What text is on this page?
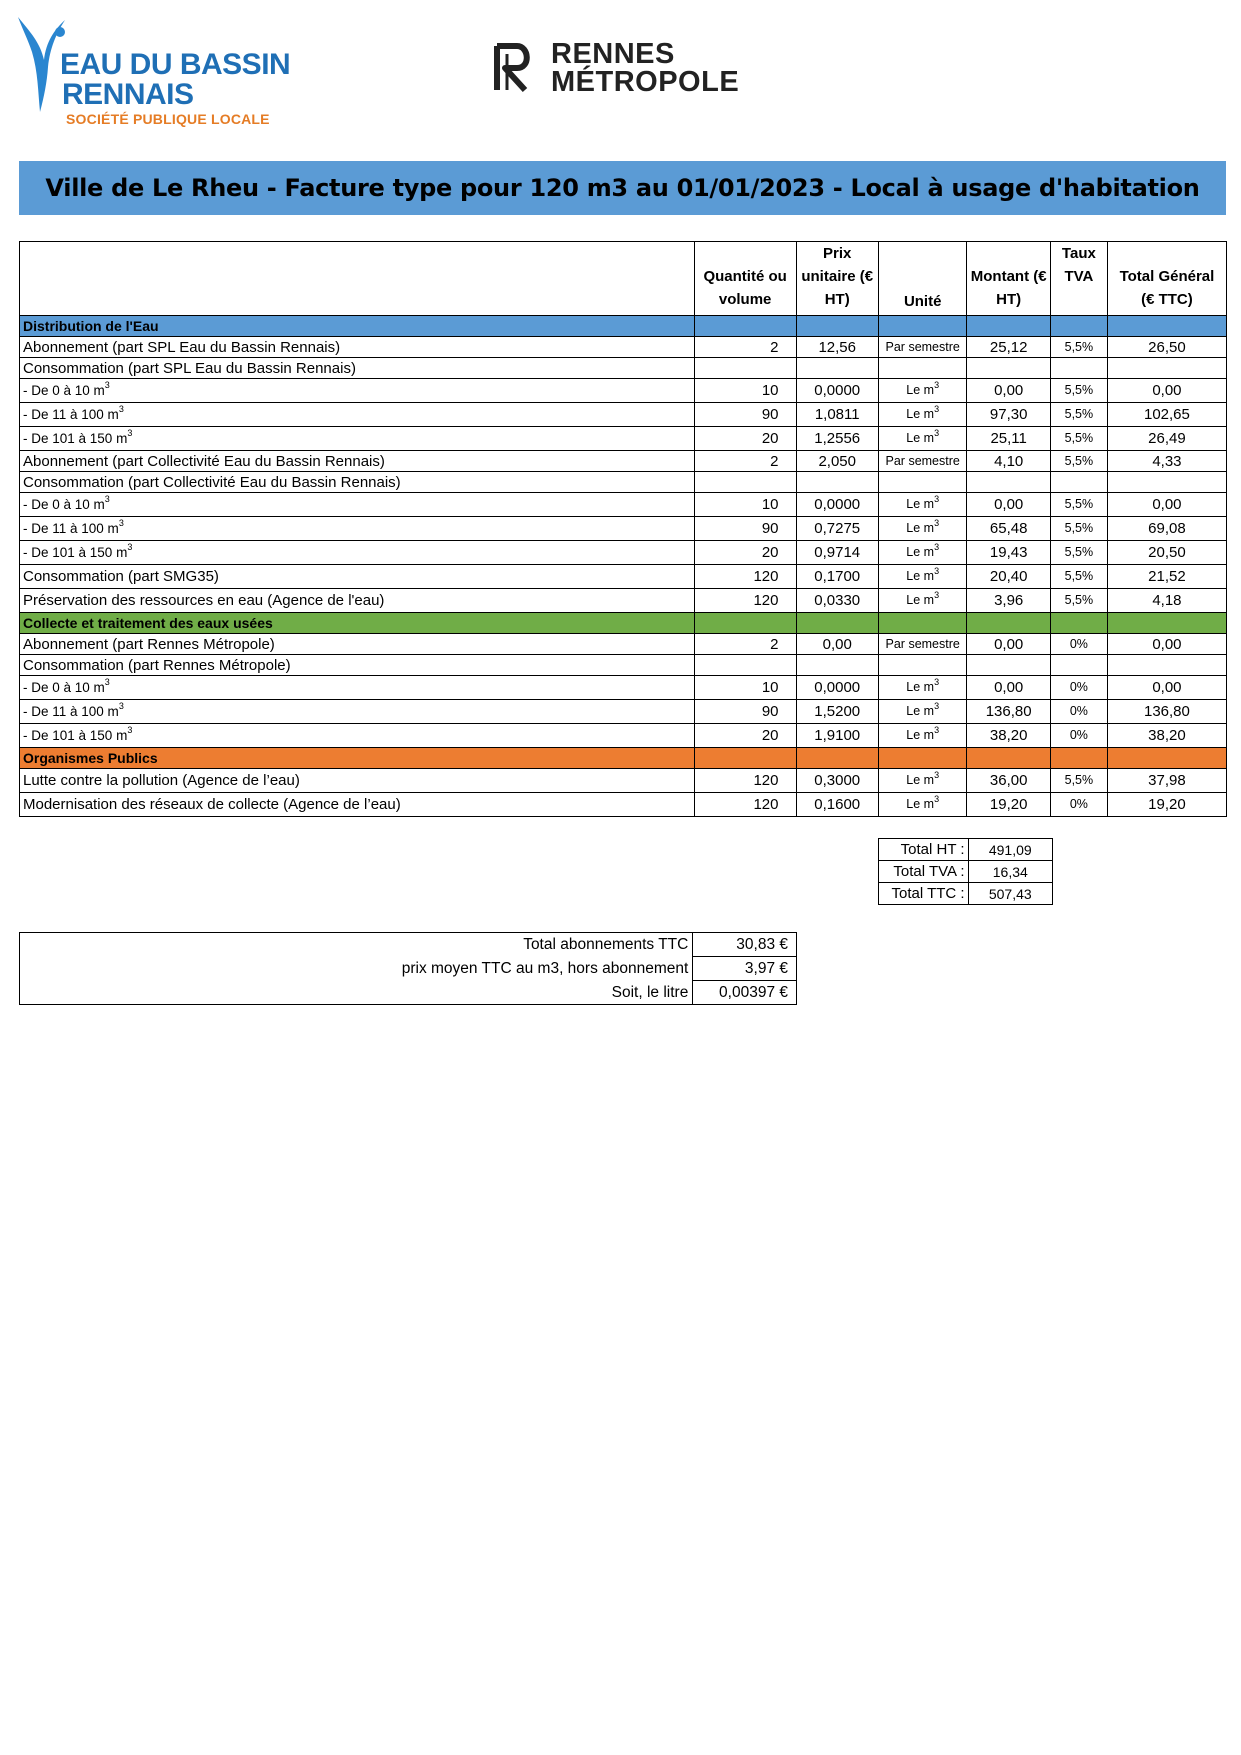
EAU DU BASSIN
RENNAIS
SOCIÉTÉ PUBLIQUE LOCALE
RENNES
MÉTROPOLE
Ville de Le Rheu - Facture type pour 120 m3 au 01/01/2023 - Local à usage d'habitation
	Quantité ou volume	Prix unitaire (€ HT)	Unité	Montant (€ HT)	Taux TVA	Total Général (€ TTC)
Distribution de l'Eau						
Abonnement (part SPL Eau du Bassin Rennais)	2	12,56	Par semestre	25,12	5,5%	26,50
Consommation (part SPL Eau du Bassin Rennais)						
- De 0 à 10 $m^3$	10	0,0000	Le $m^3$	0,00	5,5%	0,00
- De 11 à 100 $m^3$	90	1,0811	Le $m^3$	97,30	5,5%	102,65
- De 101 à 150 $m^3$	20	1,2556	Le $m^3$	25,11	5,5%	26,49
Abonnement (part Collectivité Eau du Bassin Rennais)	2	2,050	Par semestre	4,10	5,5%	4,33
Consommation (part Collectivité Eau du Bassin Rennais)						
- De 0 à 10 $m^3$	10	0,0000	Le $m^3$	0,00	5,5%	0,00
- De 11 à 100 $m^3$	90	0,7275	Le $m^3$	65,48	5,5%	69,08
- De 101 à 150 $m^3$	20	0,9714	Le $m^3$	19,43	5,5%	20,50
Consommation (part SMG35)	120	0,1700	Le $m^3$	20,40	5,5%	21,52
Préservation des ressources en eau (Agence de l'eau)	120	0,0330	Le $m^3$	3,96	5,5%	4,18
Collecte et traitement des eaux usées						
Abonnement (part Rennes Métropole)	2	0,00	Par semestre	0,00	0%	0,00
Consommation (part Rennes Métropole)						
- De 0 à 10 $m^3$	10	0,0000	Le $m^3$	0,00	0%	0,00
- De 11 à 100 $m^3$	90	1,5200	Le $m^3$	136,80	0%	136,80
- De 101 à 150 $m^3$	20	1,9100	Le $m^3$	38,20	0%	38,20
Organismes Publics						
Lutte contre la pollution (Agence de l’eau)	120	0,3000	Le $m^3$	36,00	5,5%	37,98
Modernisation des réseaux de collecte (Agence de l’eau)	120	0,1600	Le $m^3$	19,20	0%	19,20
Total HT :	491,09
Total TVA :	16,34
Total TTC :	507,43
Total abonnements TTC	30,83 €
prix moyen TTC au m3, hors abonnement	3,97 €
Soit, le litre	0,00397 €
